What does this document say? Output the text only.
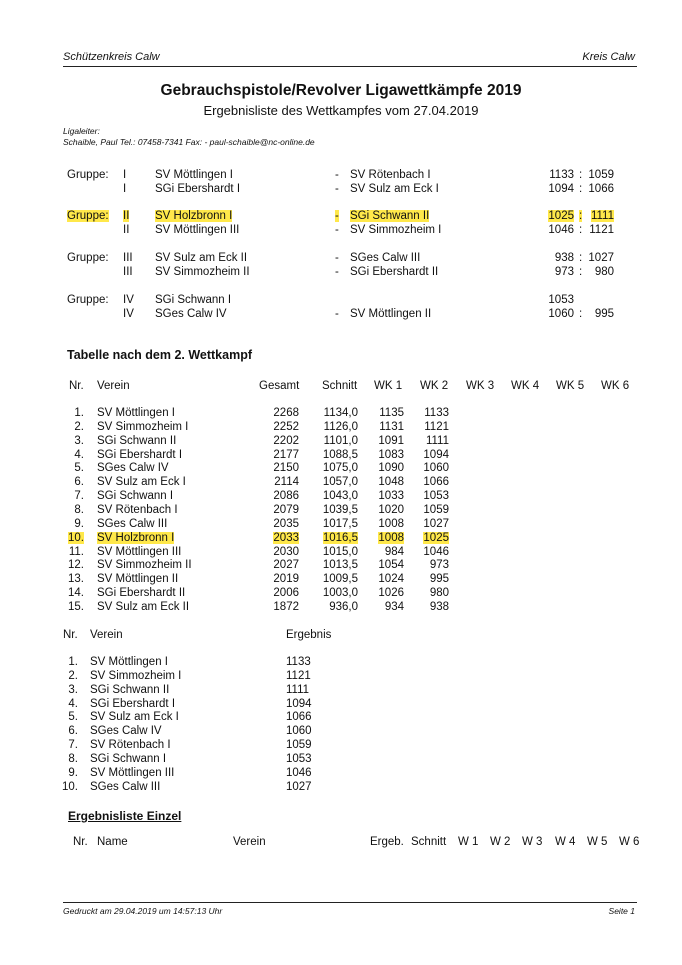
Schützenkreis Calw	Kreis Calw
Gebrauchspistole/Revolver Ligawettkämpfe 2019
Ergebnisliste des Wettkampfes vom 27.04.2019
Ligaleiter:
Schaible, Paul Tel.: 07458-7341 Fax: - paul-schaible@nc-online.de
Gruppe: I	SV Möttlingen I	- SV Rötenbach I	1133 : 1059
I	SGi Ebershardt I	- SV Sulz am Eck I	1094 : 1066
Gruppe: II SV Holzbronn I	- SGi Schwann II	1025 : 1111
II SV Möttlingen III	- SV Simmozheim I	1046 : 1121
Gruppe: III SV Sulz am Eck II	- SGes Calw III	938 : 1027
III SV Simmozheim II	- SGi Ebershardt II	973 : 980
Gruppe: IV SGi Schwann I	1053
IV SGes Calw IV	- SV Möttlingen II	1060 : 995
Tabelle nach dem 2. Wettkampf
Nr. Verein	Gesamt Schnitt WK 1 WK 2 WK 3 WK 4 WK 5 WK 6
1. SV Möttlingen I	2268 1134,0 1135 1133
2. SV Simmozheim I	2252 1126,0 1131 1121
3. SGi Schwann II	2202 1101,0 1091 1111
4. SGi Ebershardt I	2177 1088,5 1083 1094
5. SGes Calw IV	2150 1075,0 1090 1060
6. SV Sulz am Eck I	2114 1057,0 1048 1066
7. SGi Schwann I	2086 1043,0 1033 1053
8. SV Rötenbach I	2079 1039,5 1020 1059
9. SGes Calw III	2035 1017,5 1008 1027
10. SV Holzbronn I	2033 1016,5 1008 1025
11. SV Möttlingen III	2030 1015,0 984 1046
12. SV Simmozheim II	2027 1013,5 1054 973
13. SV Möttlingen II	2019 1009,5 1024 995
14. SGi Ebershardt II	2006 1003,0 1026 980
15. SV Sulz am Eck II	1872	936,0 934 938
Nr. Verein	Ergebnis
1. SV Möttlingen I	1133
2. SV Simmozheim I	1121
3. SGi Schwann II	1111
4. SGi Ebershardt I	1094
5. SV Sulz am Eck I	1066
6. SGes Calw IV	1060
7. SV Rötenbach I	1059
8. SGi Schwann I	1053
9. SV Möttlingen III	1046
10. SGes Calw III	1027
Ergebnisliste Einzel
Nr. Name	Verein	Ergeb. Schnitt W 1 W 2 W 3 W 4 W 5 W 6
Gedruckt am 29.04.2019 um 14:57:13 Uhr	Seite 1
